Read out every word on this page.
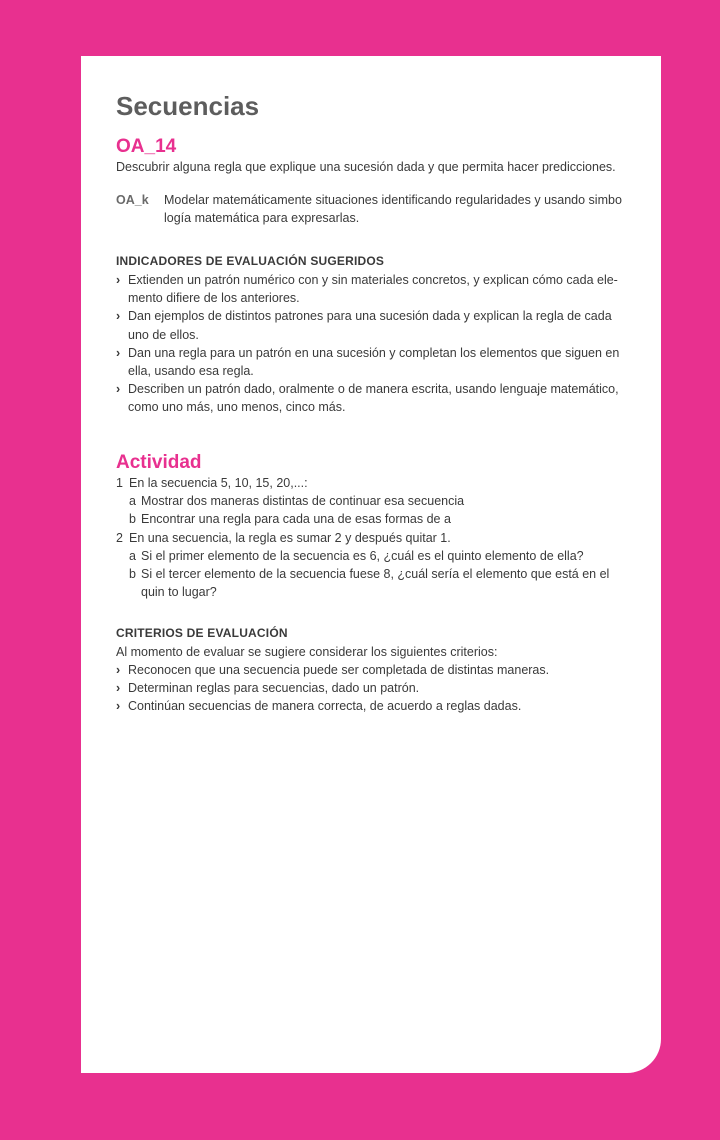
Secuencias
OA_14

Descubrir alguna regla que explique una sucesión dada y que permita hacer predicciones.

OA_k	Modelar matemáticamente situaciones identificando regularidades y usando simbo
logía matemática para expresarlas.
INDICADORES DE EVALUACIÓN SUGERIDOS
› Extienden un patrón numérico con y sin materiales concretos, y explican cómo cada ele- mento difiere de los anteriores.
› Dan ejemplos de distintos patrones para una sucesión dada y explican la regla de cada uno de ellos.
› Dan una regla para un patrón en una sucesión y completan los elementos que siguen en ella, usando esa regla.
› Describen un patrón dado, oralmente o de manera escrita, usando lenguaje matemático, como uno más, uno menos, cinco más.
Actividad
1 En la secuencia 5, 10, 15, 20,...:
a Mostrar dos maneras distintas de continuar esa secuencia
b Encontrar una regla para cada una de esas formas de a
2 En una secuencia, la regla es sumar 2 y después quitar 1.
a Si el primer elemento de la secuencia es 6, ¿cuál es el quinto elemento de ella?
b Si el tercer elemento de la secuencia fuese 8, ¿cuál sería el elemento que está en el quin to lugar?
CRITERIOS DE EVALUACIÓN
Al momento de evaluar se sugiere considerar los siguientes criterios:
› Reconocen que una secuencia puede ser completada de distintas maneras.
› Determinan reglas para secuencias, dado un patrón.
› Continúan secuencias de manera correcta, de acuerdo a reglas dadas.
